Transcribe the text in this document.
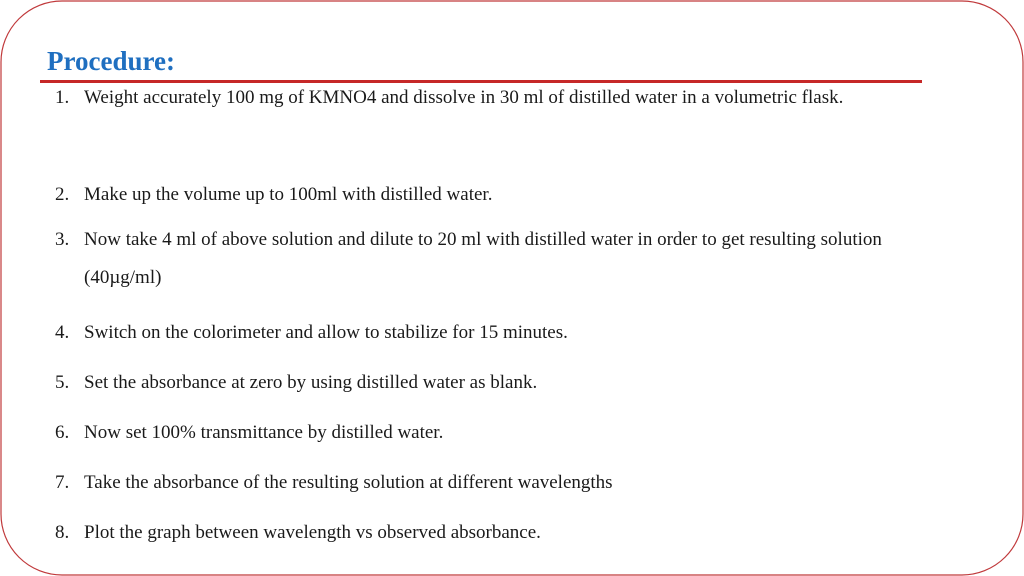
Procedure:
1. Weight accurately 100 mg of KMNO4 and dissolve in 30 ml of distilled water in a volumetric flask.
2. Make up the volume up to 100ml with distilled water.
3. Now take 4 ml of above solution and dilute to 20 ml with distilled water in order to get resulting solution (40µg/ml)
4. Switch on the colorimeter and allow to stabilize for 15 minutes.
5. Set the absorbance at zero by using distilled water as blank.
6. Now set 100% transmittance by distilled water.
7. Take the absorbance of the resulting solution at different wavelengths
8. Plot the graph between wavelength vs observed absorbance.
